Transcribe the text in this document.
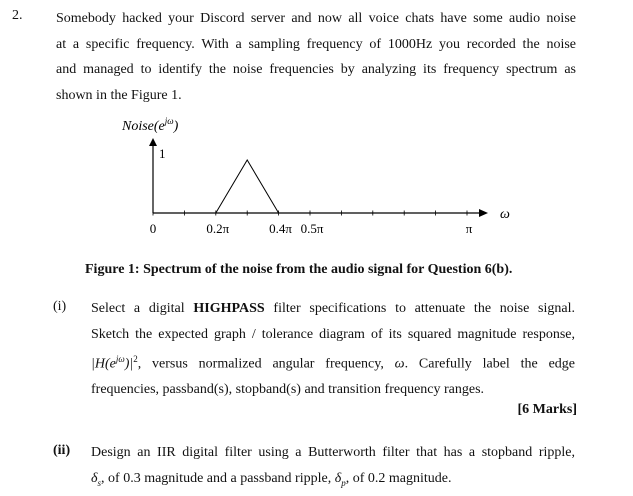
2. Somebody hacked your Discord server and now all voice chats have some audio noise
at a specific frequency. With a sampling frequency of 1000Hz you recorded the noise
and managed to identify the noise frequencies by analyzing its frequency spectrum as
shown in the Figure 1.
$Noise(e^{j\omega})$
ω
0	0.2π	0.4π 0.5π	π
1
Figure 1: Spectrum of the noise from the audio signal for Question 6(b).
(i) Select a digital HIGHPASS filter specifications to attenuate the noise signal.
Sketch the expected graph / tolerance diagram of its squared magnitude response,
$|H(e^{j\omega})|^2$, versus normalized angular frequency, ω. Carefully label the edge
frequencies, passband(s), stopband(s) and transition frequency ranges.
[6 Marks]
(ii) Design an IIR digital filter using a Butterworth filter that has a stopband ripple,
$\delta_s$, of 0.3 magnitude and a passband ripple, $\delta_p$, of 0.2 magnitude.
